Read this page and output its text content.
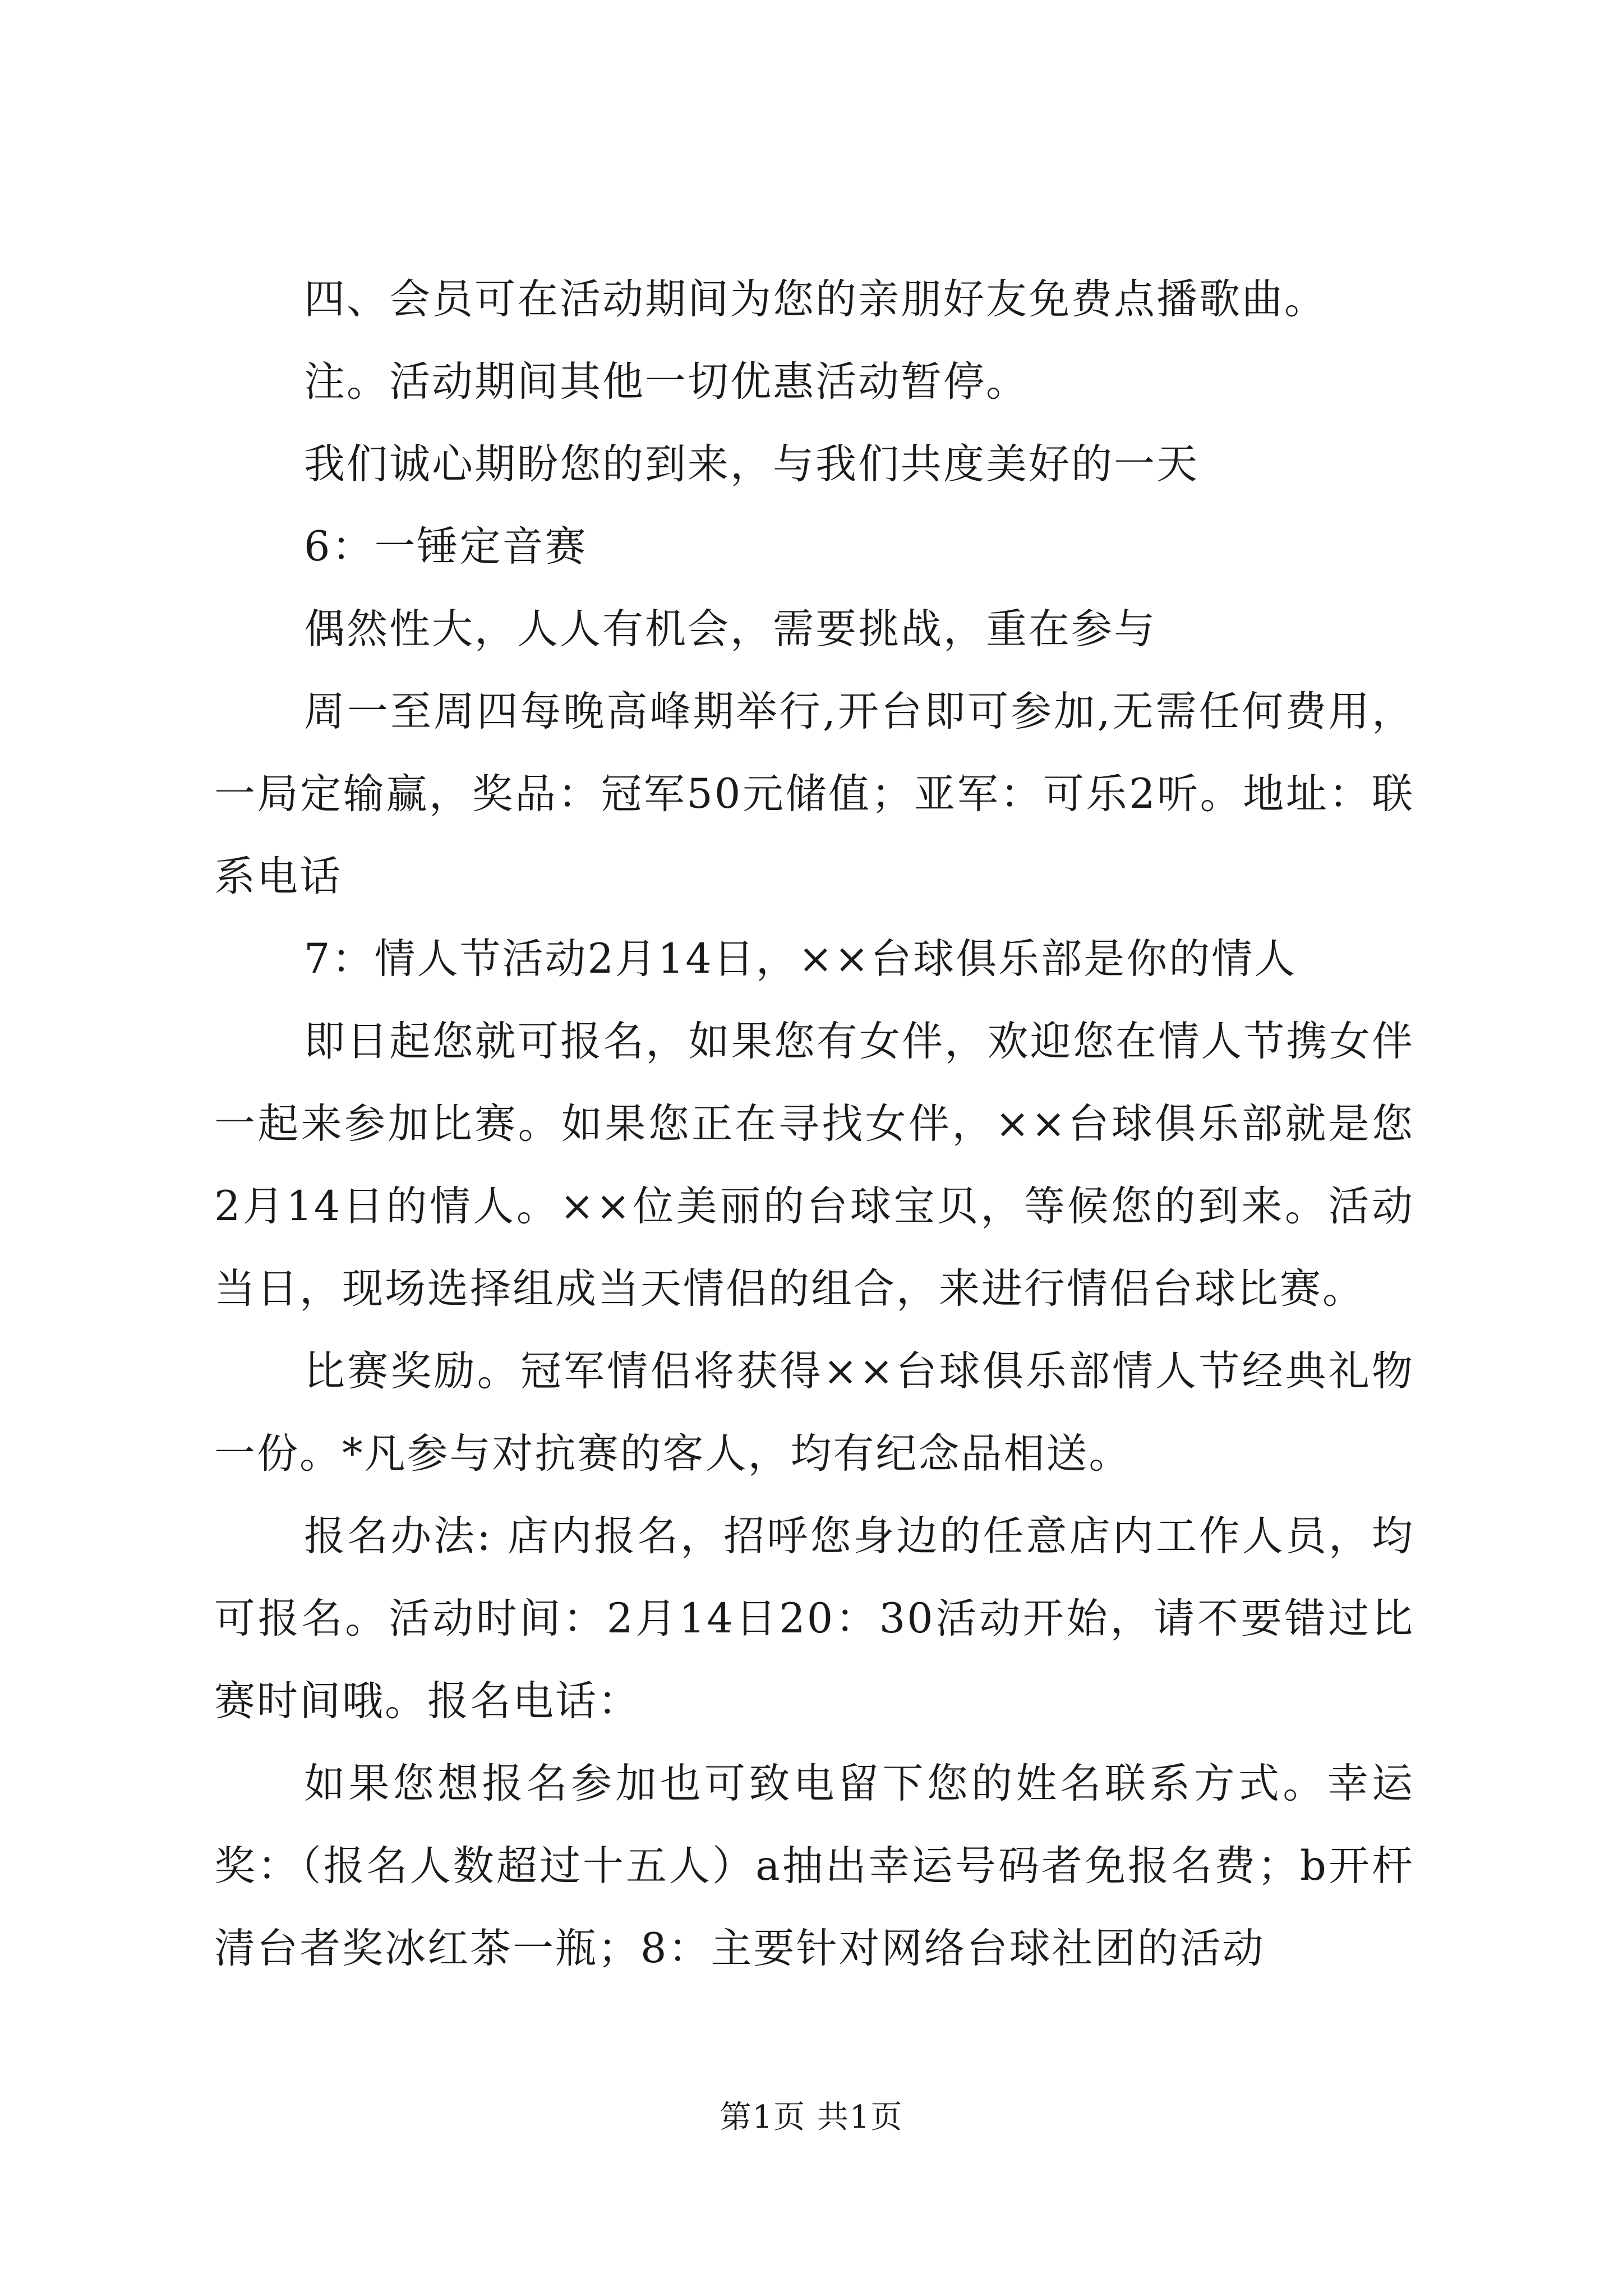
四、会员可在活动期间为您的亲朋好友免费点播歌曲。

注。活动期间其他一切优惠活动暂停。

我们诚心期盼您的到来，与我们共度美好的一天

6：一锤定音赛

偶然性大，人人有机会，需要挑战，重在参与

周一至周四每晚高峰期举行,开台即可参加,无需任何费用，一局定输赢，奖品：冠军50元储值；亚军：可乐2听。地址：联系电话

7：情人节活动2月14日，××台球俱乐部是你的情人

即日起您就可报名，如果您有女伴，欢迎您在情人节携女伴一起来参加比赛。如果您正在寻找女伴，××台球俱乐部就是您2月14日的情人。××位美丽的台球宝贝，等候您的到来。活动当日，现场选择组成当天情侣的组合，来进行情侣台球比赛。

比赛奖励。冠军情侣将获得××台球俱乐部情人节经典礼物一份。*凡参与对抗赛的客人，均有纪念品相送。

报名办法: 店内报名，招呼您身边的任意店内工作人员，均可报名。活动时间：2月14日20：30活动开始，请不要错过比赛时间哦。报名电话：

如果您想报名参加也可致电留下您的姓名联系方式。幸运奖：（报名人数超过十五人）a抽出幸运号码者免报名费；b开杆清台者奖冰红茶一瓶；8：主要针对网络台球社团的活动

第1页 共1页
